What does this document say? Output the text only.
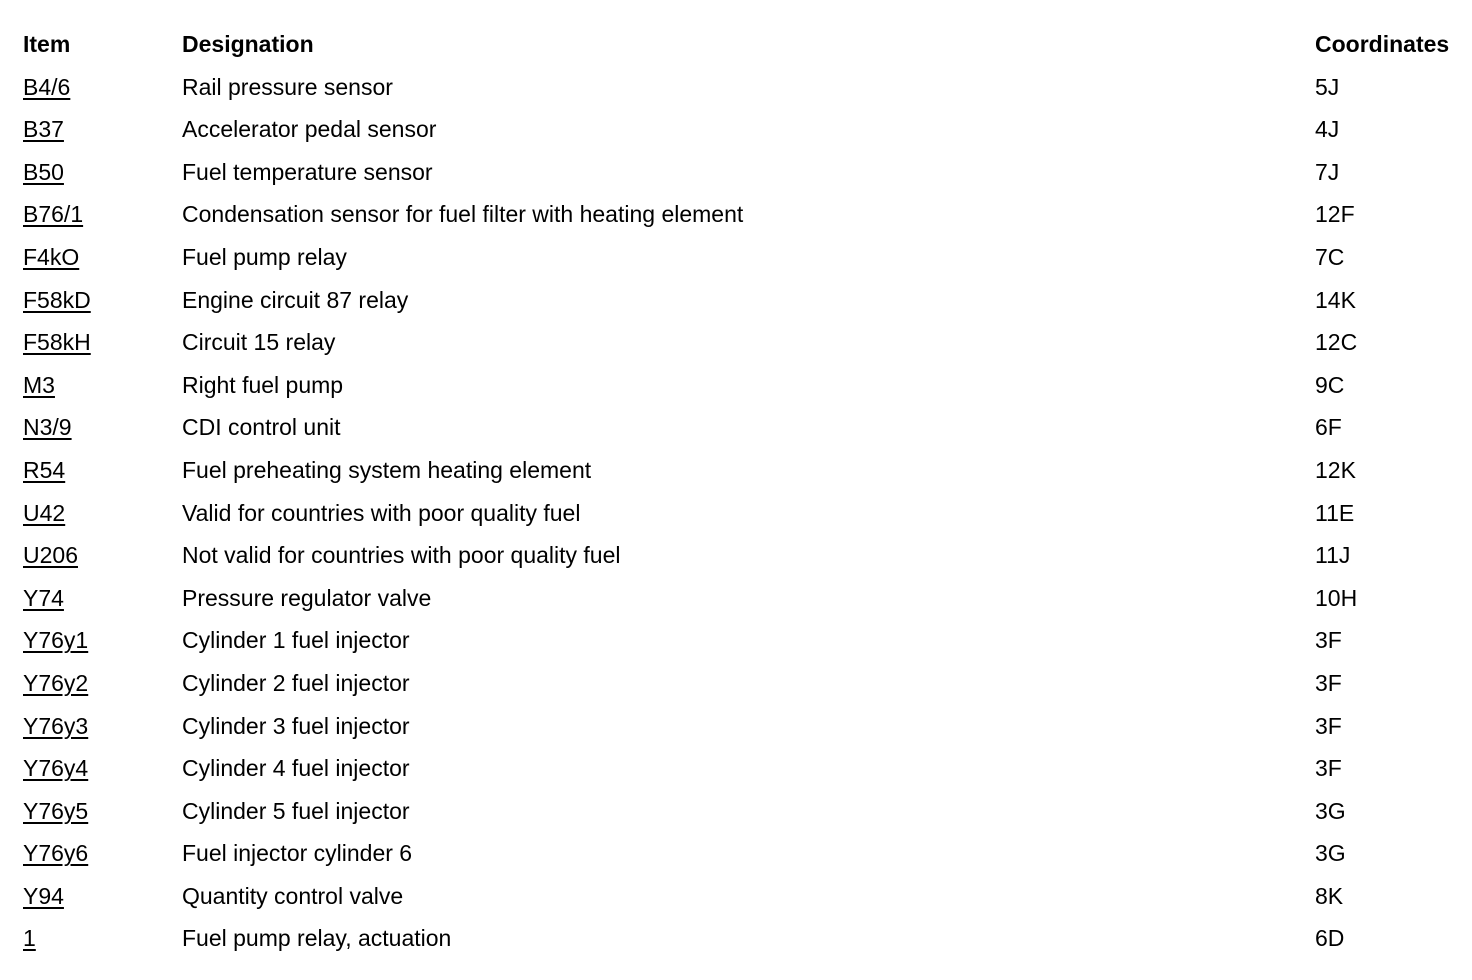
Item	Designation	Coordinates
B4/6	Rail pressure sensor	5J
B37	Accelerator pedal sensor	4J
B50	Fuel temperature sensor	7J
B76/1	Condensation sensor for fuel filter with heating element	12F
F4kO	Fuel pump relay	7C
F58kD	Engine circuit 87 relay	14K
F58kH	Circuit 15 relay	12C
M3	Right fuel pump	9C
N3/9	CDI control unit	6F
R54	Fuel preheating system heating element	12K
U42	Valid for countries with poor quality fuel	11E
U206	Not valid for countries with poor quality fuel	11J
Y74	Pressure regulator valve	10H
Y76y1	Cylinder 1 fuel injector	3F
Y76y2	Cylinder 2 fuel injector	3F
Y76y3	Cylinder 3 fuel injector	3F
Y76y4	Cylinder 4 fuel injector	3F
Y76y5	Cylinder 5 fuel injector	3G
Y76y6	Fuel injector cylinder 6	3G
Y94	Quantity control valve	8K
1	Fuel pump relay, actuation	6D
